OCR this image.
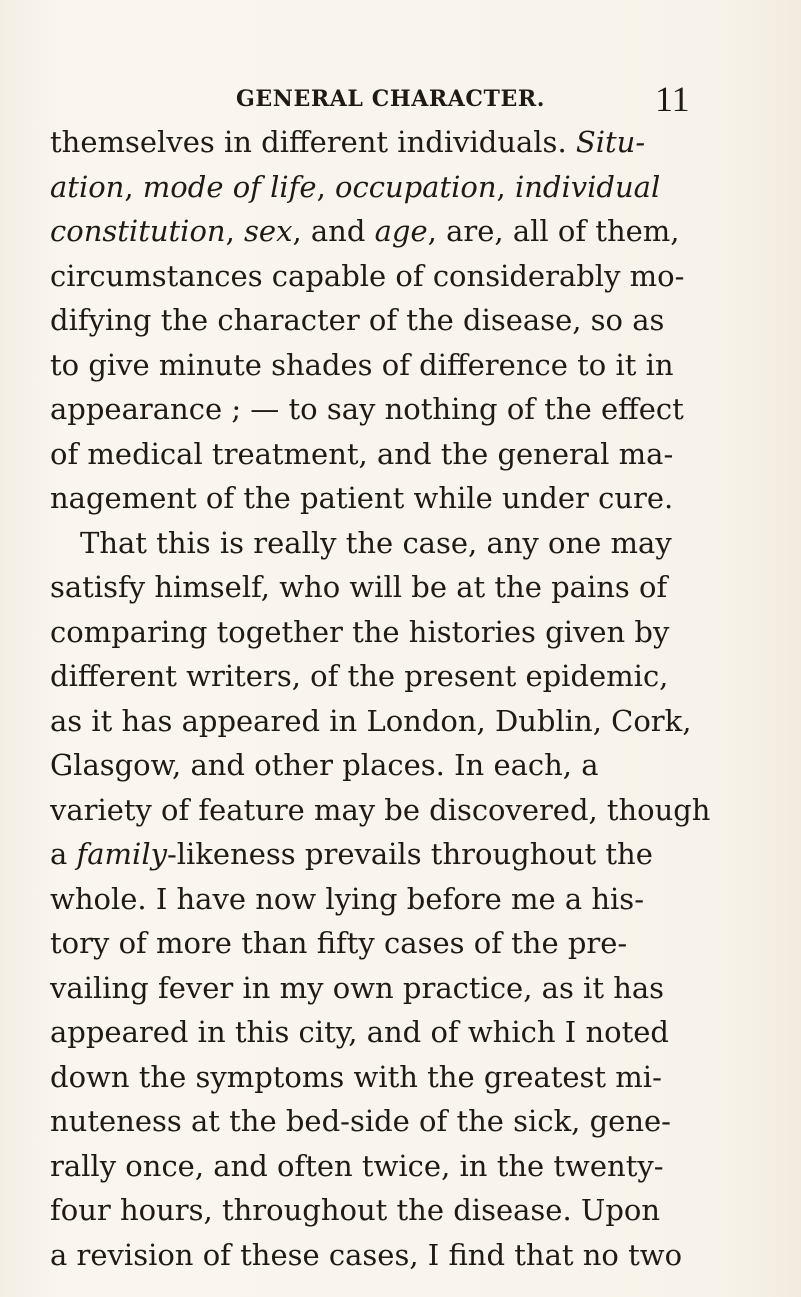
GENERAL CHARACTER.	11
themselves in different individuals. Situ-
ation, mode of life, occupation, individual
constitution, sex, and age, are, all of them,
circumstances capable of considerably mo-
difying the character of the disease, so as
to give minute shades of difference to it in
appearance ; — to say nothing of the effect
of medical treatment, and the general ma-
nagement of the patient while under cure.
That this is really the case, any one may
satisfy himself, who will be at the pains of
comparing together the histories given by
different writers, of the present epidemic,
as it has appeared in London, Dublin, Cork,
Glasgow, and other places. In each, a
variety of feature may be discovered, though
a family-likeness prevails throughout the
whole. I have now lying before me a his-
tory of more than fifty cases of the pre-
vailing fever in my own practice, as it has
appeared in this city, and of which I noted
down the symptoms with the greatest mi-
nuteness at the bed-side of the sick, gene-
rally once, and often twice, in the twenty-
four hours, throughout the disease. Upon
a revision of these cases, I find that no two
